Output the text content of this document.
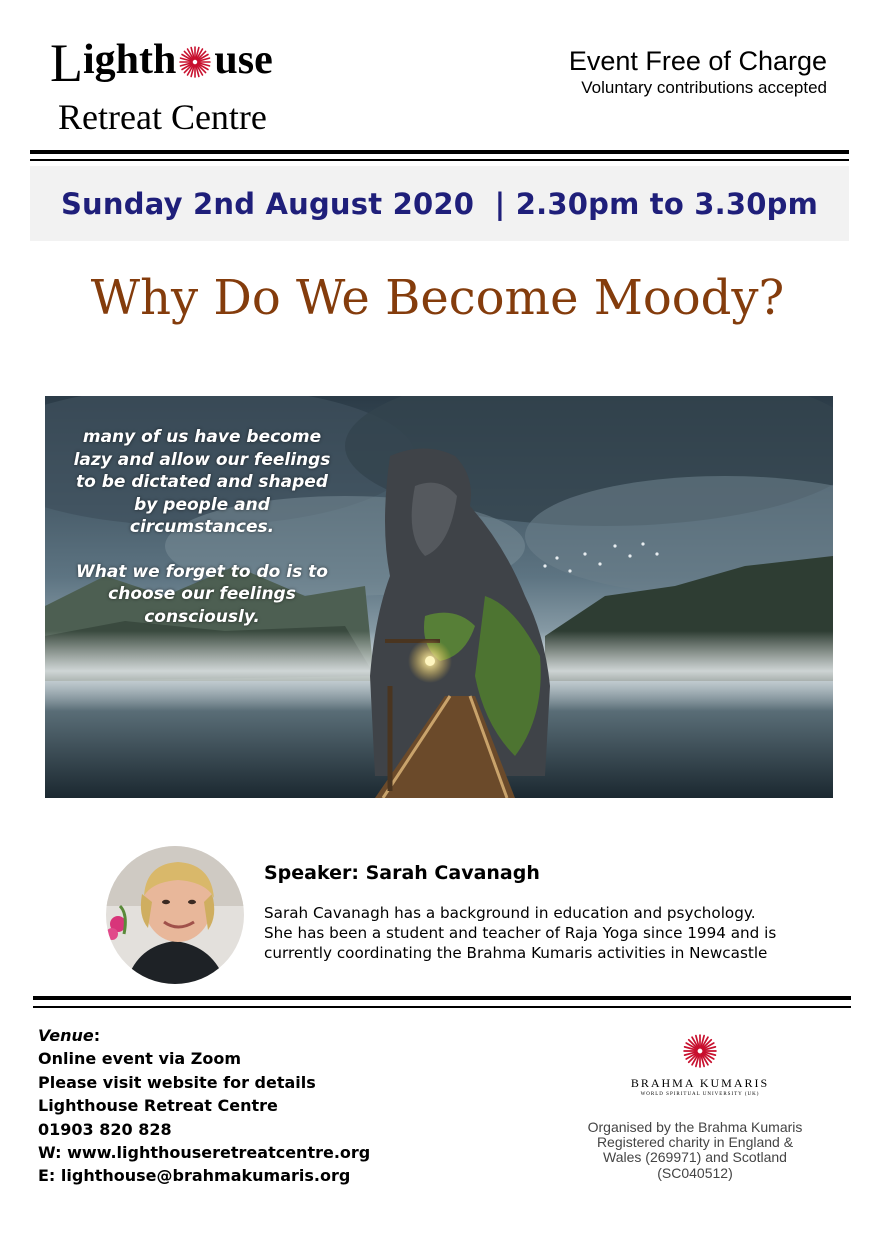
L ight h use
Retreat Centre
Event Free of Charge
Voluntary contributions accepted
Sunday 2nd August 2020  | 2.30pm to 3.30pm
Why Do We Become Moody?

many of us have become lazy and allow our feelings to be dictated and shaped by people and circumstances.

What we forget to do is to choose our feelings consciously.

Speaker: Sarah Cavanagh
Sarah Cavanagh has a background in education and psychology.
She has been a student and teacher of Raja Yoga since 1994 and is
currently coordinating the Brahma Kumaris activities in Newcastle
Venue:
Online event via Zoom
Please visit website for details
Lighthouse Retreat Centre
01903 820 828
W: www.lighthouseretreatcentre.org
E: lighthouse@brahmakumaris.org
BRAHMA KUMARIS
WORLD SPIRITUAL UNIVERSITY (UK)
Organised by the Brahma Kumaris
Registered charity in England &
Wales (269971) and Scotland
(SC040512)
